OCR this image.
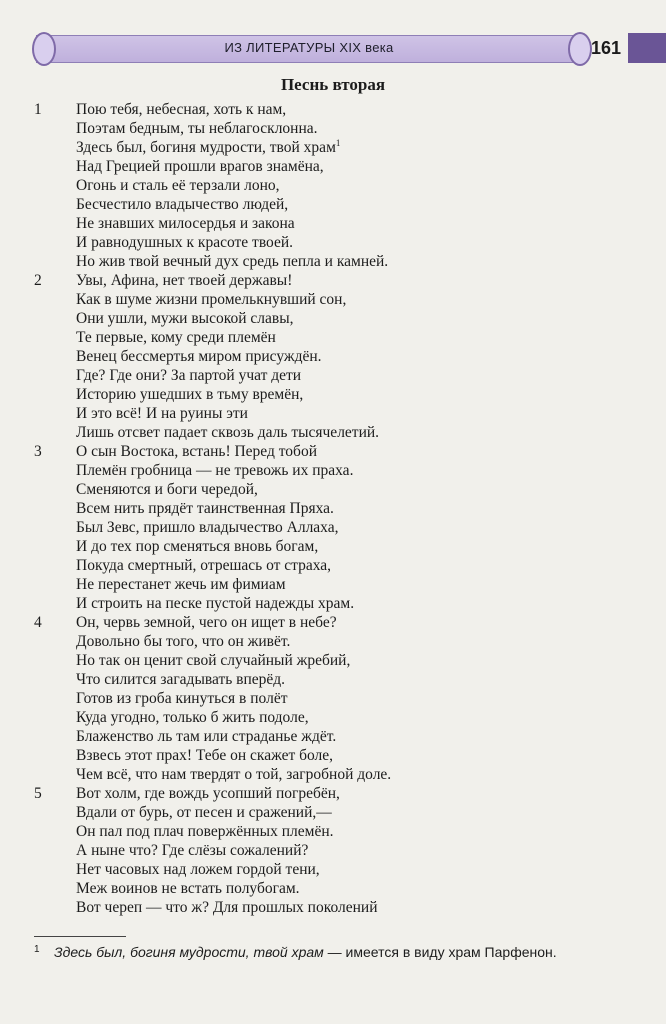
ИЗ ЛИТЕРАТУРЫ XIX века	161
Песнь вторая
1	Пою тебя, небесная, хоть к нам,
Поэтам бедным, ты неблагосклонна.
Здесь был, богиня мудрости, твой храм$^1$
Над Грецией прошли врагов знамёна,
Огонь и сталь её терзали лоно,
Бесчестило владычество людей,
Не знавших милосердья и закона
И равнодушных к красоте твоей.
Но жив твой вечный дух средь пепла и камней.
2	Увы, Афина, нет твоей державы!
Как в шуме жизни промелькнувший сон,
Они ушли, мужи высокой славы,
Те первые, кому среди племён
Венец бессмертья миром присуждён.
Где? Где они? За партой учат дети
Историю ушедших в тьму времён,
И это всё! И на руины эти
Лишь отсвет падает сквозь даль тысячелетий.
3	О сын Востока, встань! Перед тобой
Племён гробница — не тревожь их праха.
Сменяются и боги чередой,
Всем нить прядёт таинственная Пряха.
Был Зевс, пришло владычество Аллаха,
И до тех пор сменяться вновь богам,
Покуда смертный, отрешась от страха,
Не перестанет жечь им фимиам
И строить на песке пустой надежды храм.
4	Он, червь земной, чего он ищет в небе?
Довольно бы того, что он живёт.
Но так он ценит свой случайный жребий,
Что силится загадывать вперёд.
Готов из гроба кинуться в полёт
Куда угодно, только б жить подоле,
Блаженство ль там или страданье ждёт.
Взвесь этот прах! Тебе он скажет боле,
Чем всё, что нам твердят о той, загробной доле.
5	Вот холм, где вождь усопший погребён,
Вдали от бурь, от песен и сражений,—
Он пал под плач повержённых племён.
А ныне что? Где слёзы сожалений?
Нет часовых над ложем гордой тени,
Меж воинов не встать полубогам.
Вот череп — что ж? Для прошлых поколений
1	Здесь был, богиня мудрости, твой храм — имеется в виду храм Парфенон.
